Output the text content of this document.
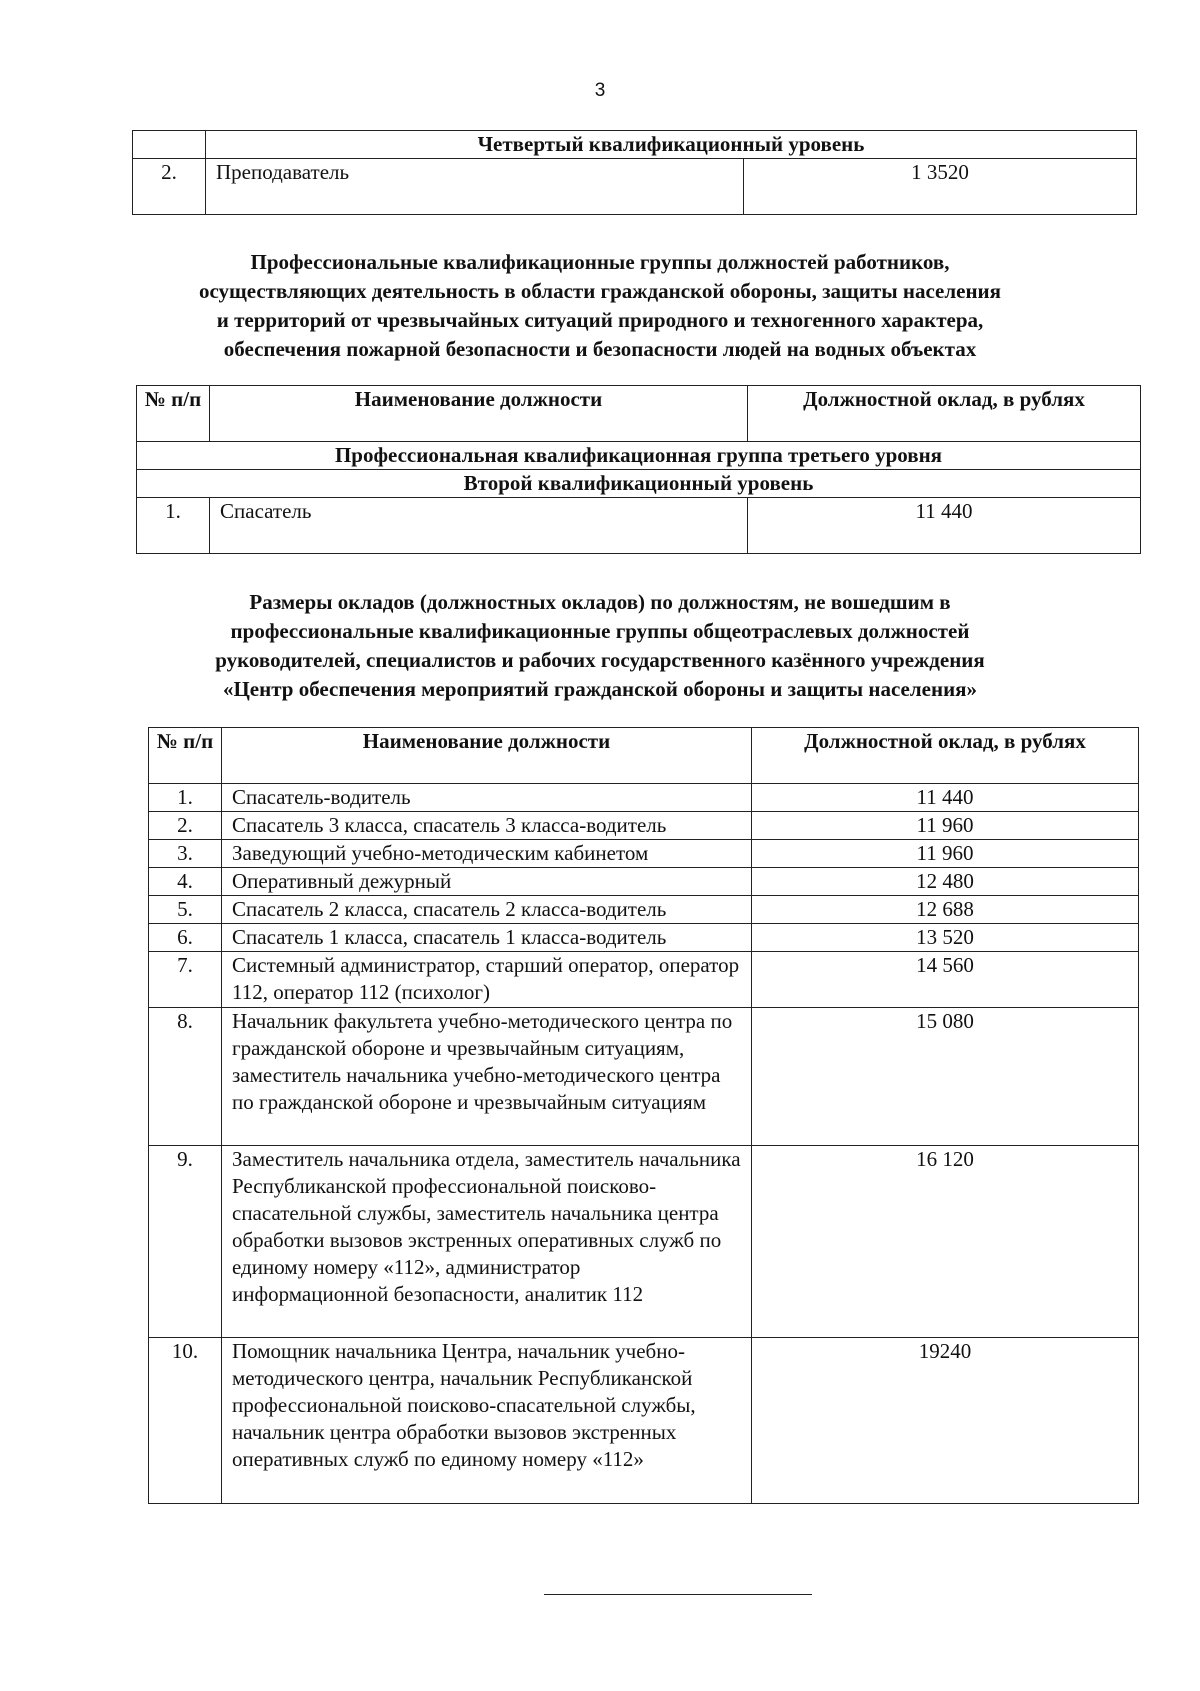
3
	Четвертый квалификационный уровень	
2.	Преподаватель	1 3520
Профессиональные квалификационные группы должностей работников,
осуществляющих деятельность в области гражданской обороны, защиты населения
и территорий от чрезвычайных ситуаций природного и техногенного характера,
обеспечения пожарной безопасности и безопасности людей на водных объектах
№ п/п	Наименование должности	Должностной оклад, в рублях
Профессиональная квалификационная группа третьего уровня		
Второй квалификационный уровень		
1.	Спасатель	11 440
Размеры окладов (должностных окладов) по должностям, не вошедшим в
профессиональные квалификационные группы общеотраслевых должностей
руководителей, специалистов и рабочих государственного казённого учреждения
«Центр обеспечения мероприятий гражданской обороны и защиты населения»
№ п/п	Наименование должности	Должностной оклад, в рублях
1.	Спасатель-водитель	11 440
2.	Спасатель 3 класса, спасатель 3 класса-водитель	11 960
3.	Заведующий учебно-методическим кабинетом	11 960
4.	Оперативный дежурный	12 480
5.	Спасатель 2 класса, спасатель 2 класса-водитель	12 688
6.	Спасатель 1 класса, спасатель 1 класса-водитель	13 520
7.	Системный администратор, старший оператор, оператор 112, оператор 112 (психолог)	14 560
8.	Начальник факультета учебно-методического центра по гражданской обороне и чрезвычайным ситуациям, заместитель начальника учебно-методического центра по гражданской обороне и чрезвычайным ситуациям	15 080
9.	Заместитель начальника отдела, заместитель начальника Республиканской профессиональной поисково- спасательной службы, заместитель начальника центра обработки вызовов экстренных оперативных служб по единому номеру «112», администратор информационной безопасности, аналитик 112	16 120
10.	Помощник начальника Центра, начальник учебно-методического центра, начальник Республиканской профессиональной поисково-спасательной службы, начальник центра обработки вызовов экстренных оперативных служб по единому номеру «112»	19240
